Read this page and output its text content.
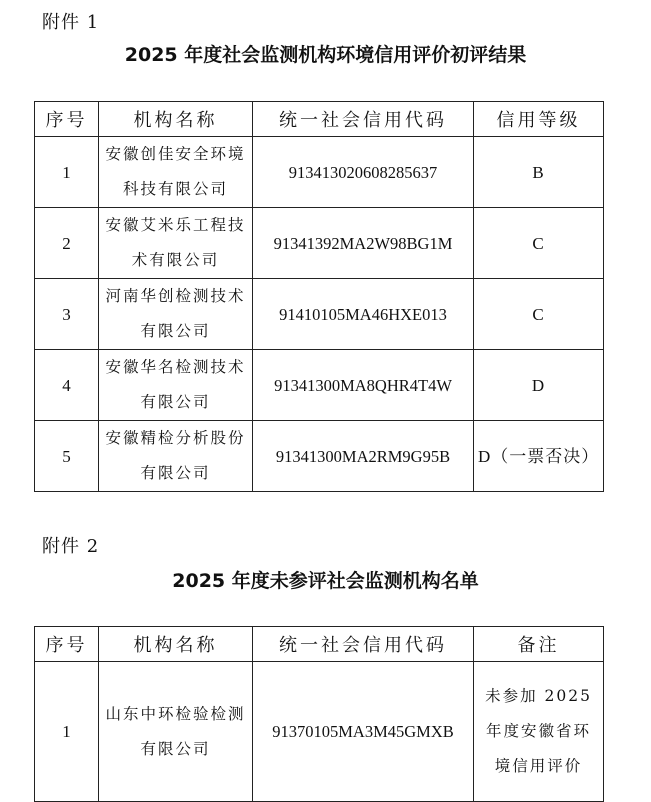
附件 1
2025 年度社会监测机构环境信用评价初评结果
序号	机构名称	统一社会信用代码	信用等级
1	安徽创佳安全环境科技有限公司	91341302060828563​7	B
2	安徽艾米乐工程技术有限公司	91341392MA2W98BG1M	C
3	河南华创检测技术有限公司	91410105MA46HXE013	C
4	安徽华名检测技术有限公司	91341300MA8QHR4T4W	D
5	安徽精检分析股份有限公司	91341300MA2RM9G95B	D（一票否决）
附件 2
2025 年度未参评社会监测机构名单
序号	机构名称	统一社会信用代码	备注
1	山东中环检验检测有限公司	91370105MA3M45GMXB	未参加 2025 年度安徽省环境信用评价
